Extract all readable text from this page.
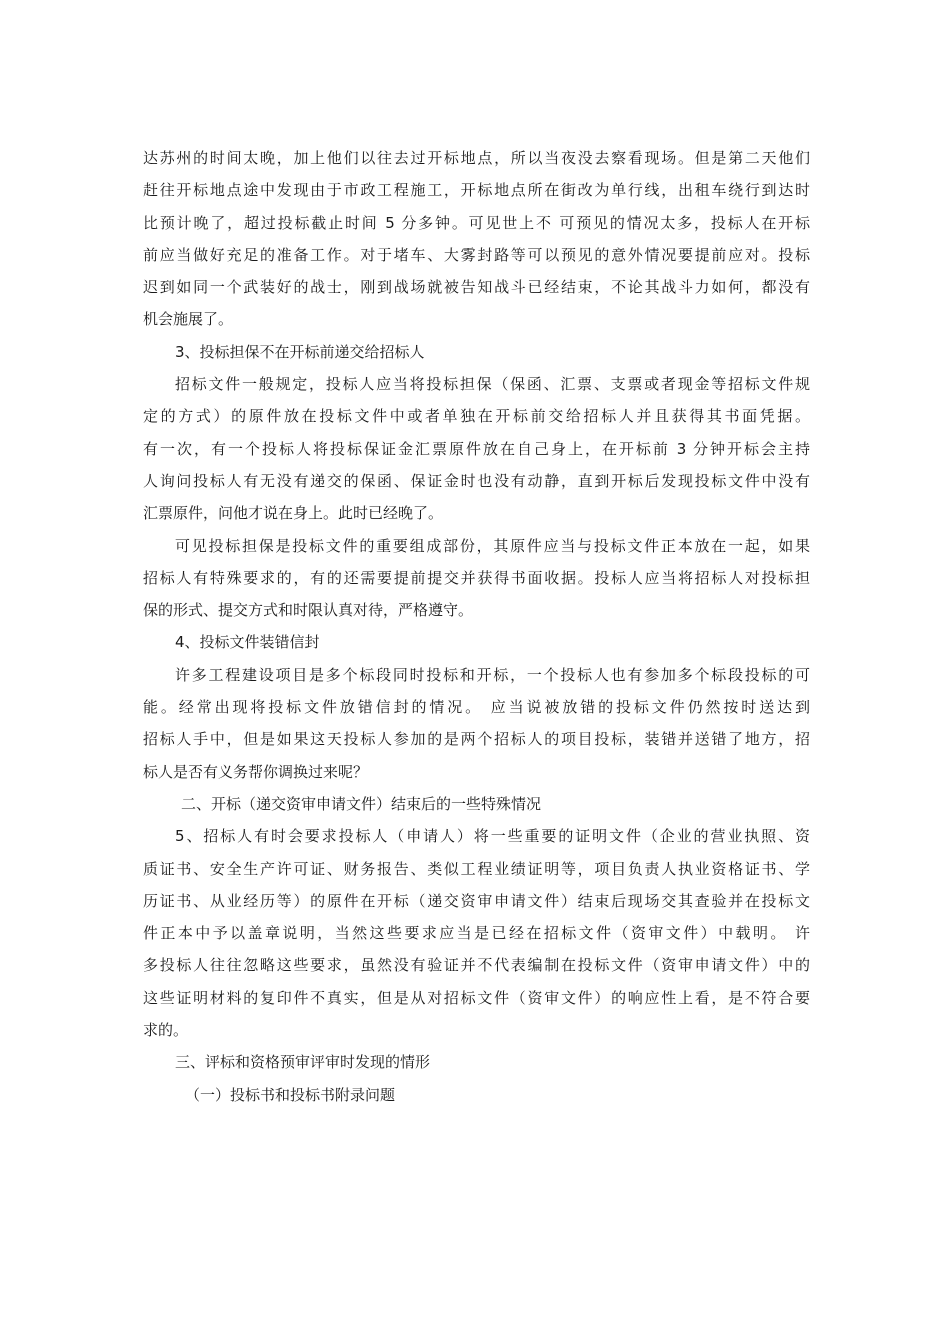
达苏州的时间太晚，加上他们以往去过开标地点，所以当夜没去察看现场。但是第二天他们
赶往开标地点途中发现由于市政工程施工，开标地点所在街改为单行线，出租车绕行到达时
比预计晚了，超过投标截止时间 5 分多钟。可见世上不 可预见的情况太多，投标人在开标
前应当做好充足的准备工作。对于堵车、大雾封路等可以预见的意外情况要提前应对。投标
迟到如同一个武装好的战士，刚到战场就被告知战斗已经结束，不论其战斗力如何，都没有
机会施展了。
3、投标担保不在开标前递交给招标人
招标文件一般规定，投标人应当将投标担保（保函、汇票、支票或者现金等招标文件规
定的方式）的原件放在投标文件中或者单独在开标前交给招标人并且获得其书面凭据。
有一次，有一个投标人将投标保证金汇票原件放在自己身上，在开标前 3 分钟开标会主持
人询问投标人有无没有递交的保函、保证金时也没有动静，直到开标后发现投标文件中没有
汇票原件，问他才说在身上。此时已经晚了。
可见投标担保是投标文件的重要组成部份，其原件应当与投标文件正本放在一起，如果
招标人有特殊要求的，有的还需要提前提交并获得书面收据。投标人应当将招标人对投标担
保的形式、提交方式和时限认真对待，严格遵守。
4、投标文件装错信封
许多工程建设项目是多个标段同时投标和开标，一个投标人也有参加多个标段投标的可
能。经常出现将投标文件放错信封的情况。 应当说被放错的投标文件仍然按时送达到
招标人手中，但是如果这天投标人参加的是两个招标人的项目投标，装错并送错了地方，招
标人是否有义务帮你调换过来呢？
二、开标（递交资审申请文件）结束后的一些特殊情况
5、招标人有时会要求投标人（申请人）将一些重要的证明文件（企业的营业执照、资
质证书、安全生产许可证、财务报告、类似工程业绩证明等，项目负责人执业资格证书、学
历证书、从业经历等）的原件在开标（递交资审申请文件）结束后现场交其查验并在投标文
件正本中予以盖章说明，当然这些要求应当是已经在招标文件（资审文件）中载明。 许
多投标人往往忽略这些要求，虽然没有验证并不代表编制在投标文件（资审申请文件）中的
这些证明材料的复印件不真实，但是从对招标文件（资审文件）的响应性上看，是不符合要
求的。
三、评标和资格预审评审时发现的情形
（一）投标书和投标书附录问题
